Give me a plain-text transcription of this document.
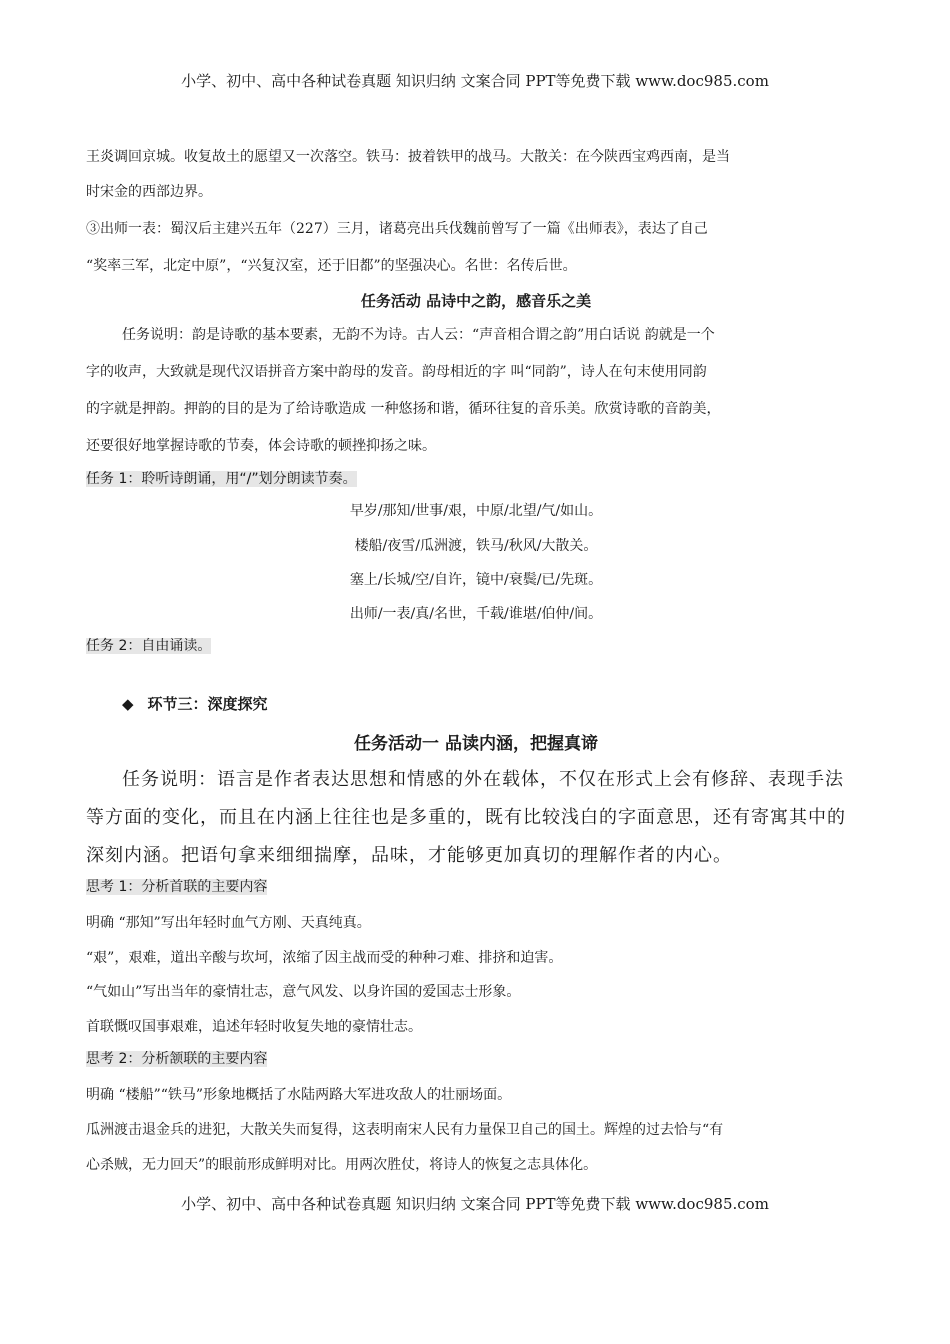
小学、初中、高中各种试卷真题 知识归纳 文案合同 PPT等免费下载 www.doc985.com
王炎调回京城。收复故土的愿望又一次落空。铁马：披着铁甲的战马。大散关：在今陕西宝鸡西南，是当
时宋金的西部边界。
③出师一表：蜀汉后主建兴五年（227）三月，诸葛亮出兵伐魏前曾写了一篇《出师表》，表达了自己
“奖率三军，北定中原”，“兴复汉室，还于旧都”的坚强决心。名世：名传后世。
任务活动 品诗中之韵，感音乐之美
任务说明：韵是诗歌的基本要素，无韵不为诗。古人云：“声音相合谓之韵”用白话说 韵就是一个
字的收声，大致就是现代汉语拼音方案中韵母的发音。韵母相近的字 叫“同韵”，诗人在句末使用同韵
的字就是押韵。押韵的目的是为了给诗歌造成 一种悠扬和谐，循环往复的音乐美。欣赏诗歌的音韵美，
还要很好地掌握诗歌的节奏，体会诗歌的顿挫抑扬之味。
任务 1：聆听诗朗诵，用“/”划分朗读节奏。
早岁/那知/世事/艰，中原/北望/气/如山。
楼船/夜雪/瓜洲渡，铁马/秋风/大散关。
塞上/长城/空/自许，镜中/衰鬓/已/先斑。
出师/一表/真/名世，千载/谁堪/伯仲/间。
任务 2：自由诵读。
◆ 环节三：深度探究
任务活动一 品读内涵，把握真谛
任务说明：语言是作者表达思想和情感的外在载体，不仅在形式上会有修辞、表现手法
等方面的变化，而且在内涵上往往也是多重的，既有比较浅白的字面意思，还有寄寓其中的
深刻内涵。把语句拿来细细揣摩，品味，才能够更加真切的理解作者的内心。
思考 1：分析首联的主要内容
明确 “那知”写出年轻时血气方刚、天真纯真。
“艰”，艰难，道出辛酸与坎坷，浓缩了因主战而受的种种刁难、排挤和迫害。
“气如山”写出当年的豪情壮志，意气风发、以身许国的爱国志士形象。
首联慨叹国事艰难，追述年轻时收复失地的豪情壮志。
思考 2：分析颔联的主要内容
明确 “楼船”“铁马”形象地概括了水陆两路大军进攻敌人的壮丽场面。
瓜洲渡击退金兵的进犯，大散关失而复得，这表明南宋人民有力量保卫自己的国土。辉煌的过去恰与“有
心杀贼，无力回天”的眼前形成鲜明对比。用两次胜仗，将诗人的恢复之志具体化。
小学、初中、高中各种试卷真题 知识归纳 文案合同 PPT等免费下载 www.doc985.com
